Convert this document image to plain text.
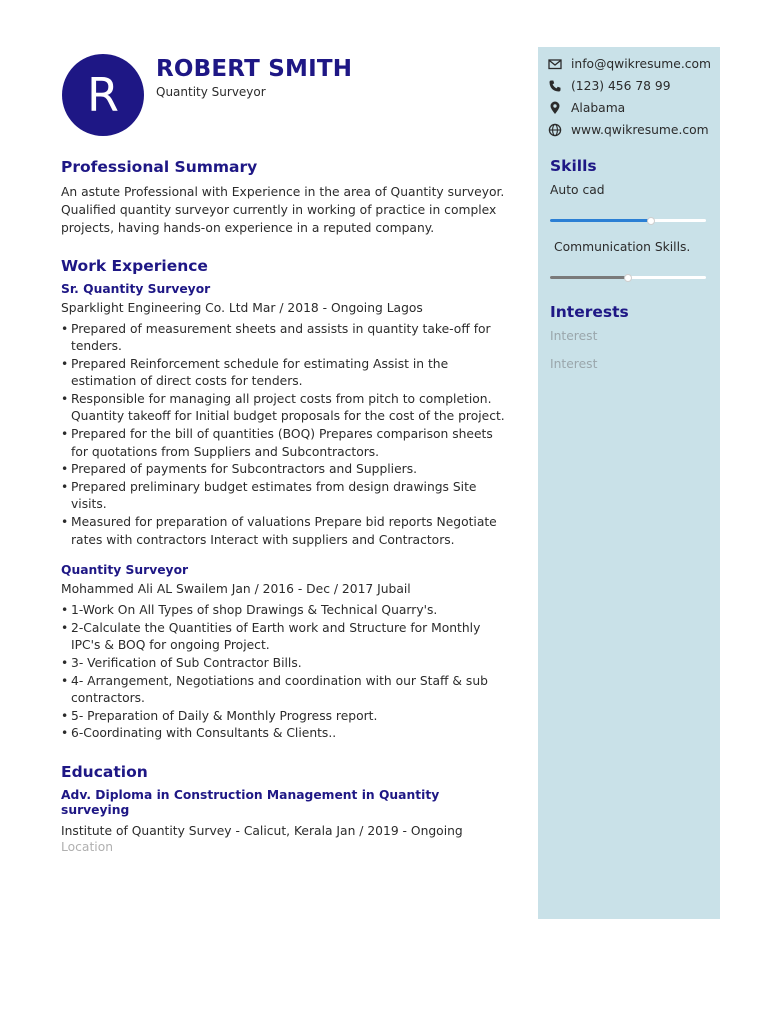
R	ROBERT SMITH
Quantity Surveyor
Professional Summary

An astute Professional with Experience in the area of Quantity surveyor. Qualified quantity surveyor currently in working of practice in complex projects, having hands-on experience in a reputed company.

Work Experience
Sr. Quantity Surveyor
Sparklight Engineering Co. Ltd Mar / 2018 - Ongoing Lagos
• Prepared of measurement sheets and assists in quantity take-off for tenders.
• Prepared Reinforcement schedule for estimating Assist in the estimation of direct costs for tenders.
• Responsible for managing all project costs from pitch to completion. Quantity takeoff for Initial budget proposals for the cost of the project.
• Prepared for the bill of quantities (BOQ) Prepares comparison sheets for quotations from Suppliers and Subcontractors.
• Prepared of payments for Subcontractors and Suppliers.
• Prepared preliminary budget estimates from design drawings Site visits.
• Measured for preparation of valuations Prepare bid reports Negotiate rates with contractors Interact with suppliers and Contractors.
Quantity Surveyor
Mohammed Ali AL Swailem Jan / 2016 - Dec / 2017 Jubail
• 1-Work On All Types of shop Drawings & Technical Quarry's.
• 2-Calculate the Quantities of Earth work and Structure for Monthly IPC's & BOQ for ongoing Project.
• 3- Verification of Sub Contractor Bills.
• 4- Arrangement, Negotiations and coordination with our Staff & sub contractors.
• 5- Preparation of Daily & Monthly Progress report.
• 6-Coordinating with Consultants & Clients..
Education
Adv. Diploma in Construction Management in Quantity surveying
Institute of Quantity Survey - Calicut, Kerala Jan / 2019 - Ongoing
Location
info@qwikresume.com
(123) 456 78 99
Alabama
www.qwikresume.com
Skills
Auto cad
Communication Skills.
Interests
Interest
Interest
